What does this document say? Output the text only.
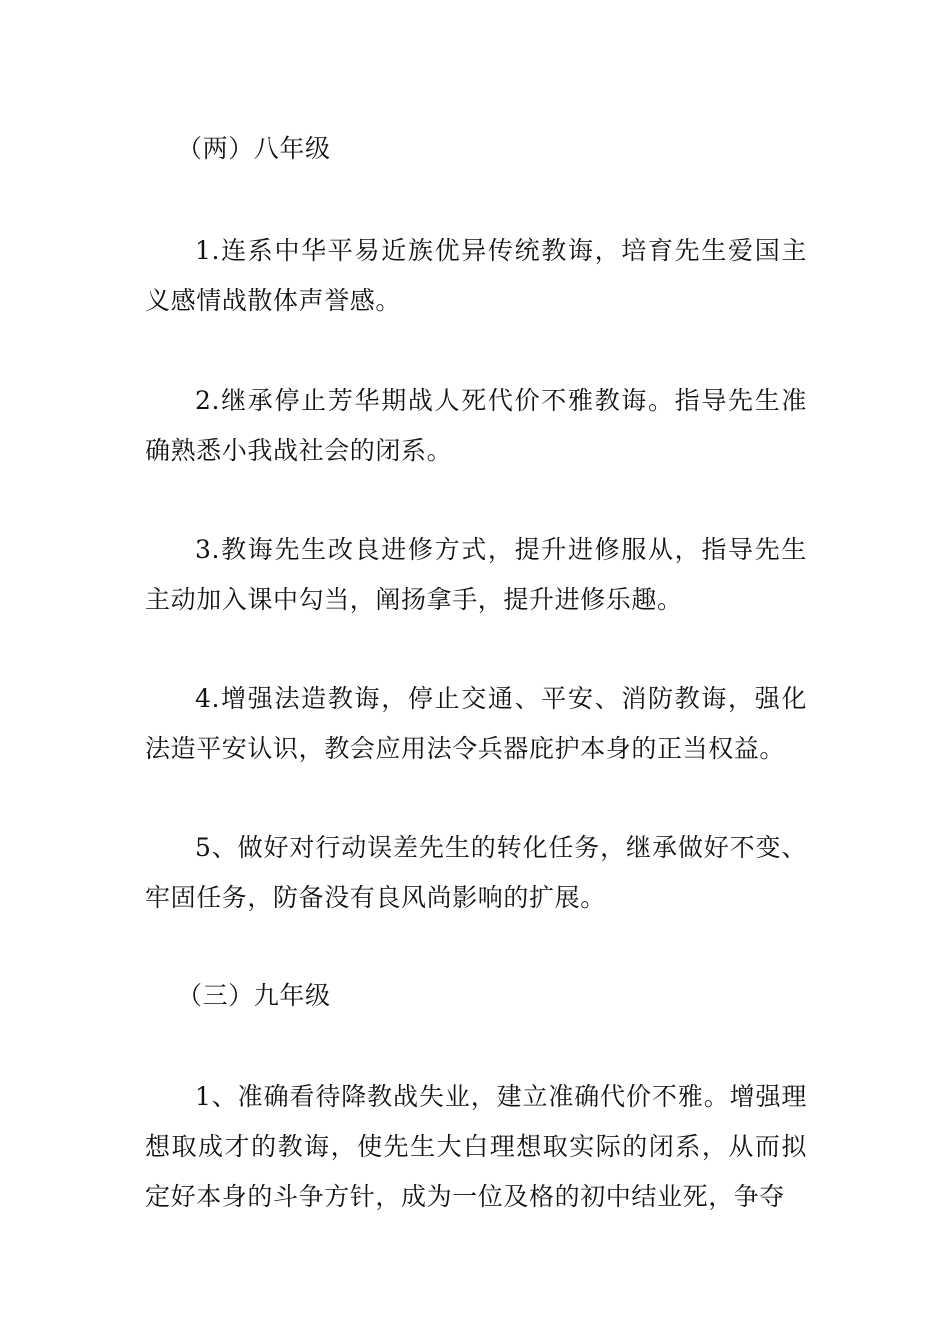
（两）八年级

1.连系中华平易近族优异传统教诲，培育先生爱国主义感情战散体声誉感。

2.继承停止芳华期战人死代价不雅教诲。指导先生准确熟悉小我战社会的闭系。

3.教诲先生改良进修方式，提升进修服从，指导先生主动加入课中勾当，阐扬拿手，提升进修乐趣。

4.增强法造教诲，停止交通、平安、消防教诲，强化法造平安认识，教会应用法令兵器庇护本身的正当权益。

5、做好对行动误差先生的转化任务，继承做好不变、牢固任务，防备没有良风尚影响的扩展。

（三）九年级

1、准确看待降教战失业，建立准确代价不雅。增强理想取成才的教诲，使先生大白理想取实际的闭系，从而拟定好本身的斗争方针，成为一位及格的初中结业死，争夺
